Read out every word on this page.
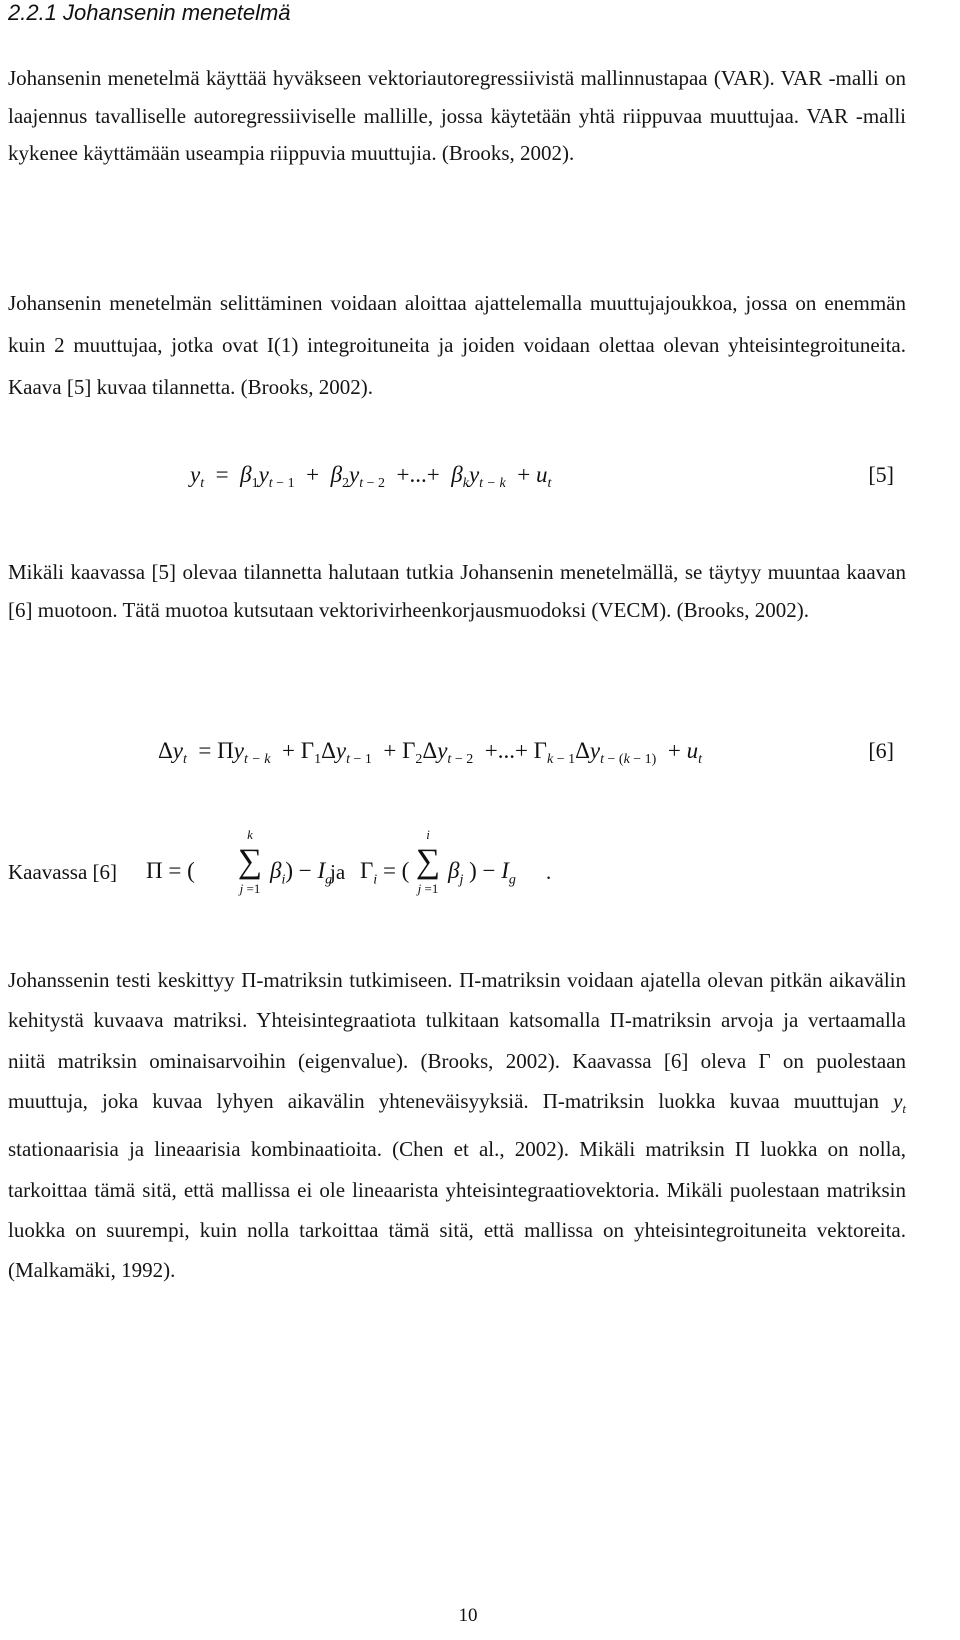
2.2.1 Johansenin menetelmä
Johansenin menetelmä käyttää hyväkseen vektoriautoregressiivistä mallinnustapaa (VAR). VAR -malli on laajennus tavalliselle autoregressiiviselle mallille, jossa käytetään yhtä riippuvaa muuttujaa. VAR -malli kykenee käyttämään useampia riippuvia muuttujia. (Brooks, 2002).
Johansenin menetelmän selittäminen voidaan aloittaa ajattelemalla muuttujajoukkoa, jossa on enemmän kuin 2 muuttujaa, jotka ovat I(1) integroituneita ja joiden voidaan olettaa olevan yhteisintegroituneita. Kaava [5] kuvaa tilannetta. (Brooks, 2002).
$y_t = \beta_1y_{t - 1} + \beta_2y_{t - 2}$  +...+  $\beta_ky_{t - k} + u_t$	[5]
Mikäli kaavassa [5] olevaa tilannetta halutaan tutkia Johansenin menetelmällä, se täytyy muuntaa kaavan [6] muotoon. Tätä muotoa kutsutaan vektorivirheenkorjausmuodoksi (VECM). (Brooks, 2002).
$\Delta y_t = \Pi y_{t - k} + \Gamma_1\Delta y_{t - 1} + \Gamma_2\Delta y_{t - 2}$  +...+ $\Gamma_{k - 1}\Delta y_{t - (k - 1)} + u_t$	[6]
Kaavassa [6] Π = (
k
∑
j =1
$\beta_i) - I_g$
ja $\Gamma_i$ = (
i
∑
j =1
$\beta_j$ ) − $I_g$ .
Johanssenin testi keskittyy Π-matriksin tutkimiseen. Π-matriksin voidaan ajatella olevan pitkän aikavälin kehitystä kuvaava matriksi. Yhteisintegraatiota tulkitaan katsomalla Π-matriksin arvoja ja vertaamalla niitä matriksin ominaisarvoihin (eigenvalue). (Brooks, 2002). Kaavassa [6] oleva Γ on puolestaan muuttuja, joka kuvaa lyhyen aikavälin yhteneväisyyksiä. Π-matriksin luokka kuvaa muuttujan $y_t$ stationaarisia ja lineaarisia kombinaatioita. (Chen et al., 2002). Mikäli matriksin Π luokka on nolla, tarkoittaa tämä sitä, että mallissa ei ole lineaarista yhteisintegraatiovektoria. Mikäli puolestaan matriksin luokka on suurempi, kuin nolla tarkoittaa tämä sitä, että mallissa on yhteisintegroituneita vektoreita. (Malkamäki, 1992).
10
